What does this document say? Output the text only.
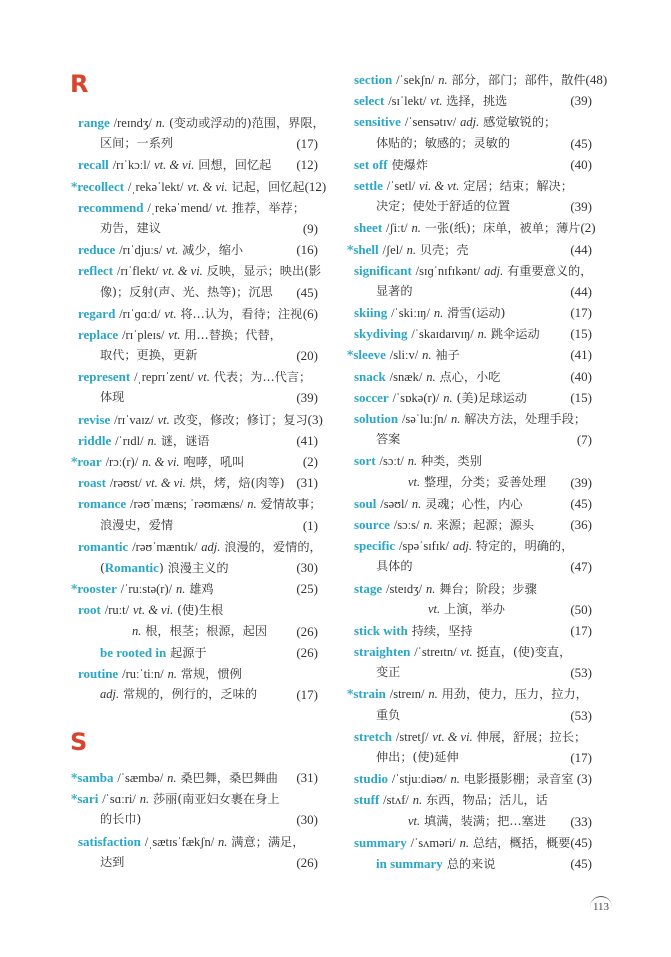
R
range /reɪndʒ/ n. (变动或浮动的)范围，界限，
区间；一系列	(17)
recall /rɪˈkɔːl/ vt. & vi. 回想，回忆起	(12)
*recollect /ˌrekəˈlekt/ vt. & vi. 记起，回忆起 (12)
recommend /ˌrekəˈmend/ vt. 推荐，举荐；
劝告，建议	(9)
reduce /rɪˈdjuːs/ vt. 减少，缩小	(16)
reflect /rɪˈflekt/ vt. & vi. 反映，显示；映出(影
像)；反射(声、光、热等)；沉思	(45)
regard /rɪˈɡɑːd/ vt. 将…认为，看待；注视 (6)
replace /rɪˈpleɪs/ vt. 用…替换；代替，
取代；更换，更新	(20)
represent /ˌreprɪˈzent/ vt. 代表；为…代言；
体现	(39)
revise /rɪˈvaɪz/ vt. 改变，修改；修订；复习 (3)
riddle /ˈrɪdl/ n. 谜，谜语	(41)
*roar /rɔː(r)/ n. & vi. 咆哮，吼叫	(2)
roast /rəʊst/ vt. & vi. 烘，烤，焙(肉等) (31)
romance /rəʊˈmæns; ˈrəʊmæns/ n. 爱情故事；
浪漫史，爱情	(1)
romantic /rəʊˈmæntɪk/ adj. 浪漫的，爱情的，
(Romantic) 浪漫主义的	(30)
*rooster /ˈruːstə(r)/ n. 雄鸡	(25)
root /ruːt/ vt. & vi. (使)生根
n. 根，根茎；根源，起因	(26)
be rooted in 起源于	(26)
routine /ruːˈtiːn/ n. 常规，惯例
adj. 常规的，例行的，乏味的	(17)
S
*samba /ˈsæmbə/ n. 桑巴舞，桑巴舞曲	(31)
*sari /ˈsɑːri/ n. 莎丽(南亚妇女裹在身上
的长巾)	(30)
satisfaction /ˌsætɪsˈfækʃn/ n. 满意；满足，
达到	(26)
section /ˈsekʃn/ n. 部分，部门；部件，散件 (48)
select /sɪˈlekt/ vt. 选择，挑选	(39)
sensitive /ˈsensətɪv/ adj. 感觉敏锐的；
体贴的；敏感的；灵敏的	(45)
set off 使爆炸	(40)
settle /ˈsetl/ vi. & vt. 定居；结束；解决；
决定；使处于舒适的位置	(39)
sheet /ʃiːt/ n. 一张(纸)；床单，被单；薄片 (2)
*shell /ʃel/ n. 贝壳；壳	(44)
significant /sɪɡˈnɪfɪkənt/ adj. 有重要意义的，
显著的	(44)
skiing /ˈskiːɪŋ/ n. 滑雪(运动)	(17)
skydiving /ˈskaɪdaɪvɪŋ/ n. 跳伞运动	(15)
*sleeve /sliːv/ n. 袖子	(41)
snack /snæk/ n. 点心，小吃	(40)
soccer /ˈsɒkə(r)/ n. (美)足球运动	(15)
solution /səˈluːʃn/ n. 解决方法，处理手段；
答案	(7)
sort /sɔːt/ n. 种类，类别
vt. 整理，分类；妥善处理	(39)
soul /səʊl/ n. 灵魂；心性，内心	(45)
source /sɔːs/ n. 来源；起源；源头	(36)
specific /spəˈsɪfɪk/ adj. 特定的，明确的，
具体的	(47)
stage /steɪdʒ/ n. 舞台；阶段；步骤
vt. 上演，举办	(50)
stick with 持续，坚持	(17)
straighten /ˈstreɪtn/ vt. 挺直，(使)变直，
变正	(53)
*strain /streɪn/ n. 用劲，使力，压力，拉力，
重负	(53)
stretch /stretʃ/ vt. & vi. 伸展，舒展；拉长；
伸出；(使)延伸	(17)
studio /ˈstjuːdiəʊ/ n. 电影摄影棚；录音室 (3)
stuff /stʌf/ n. 东西，物品；活儿，话
vt. 填满，装满；把…塞进	(33)
summary /ˈsʌməri/ n. 总结，概括，概要 (45)
in summary 总的来说	(45)
113
